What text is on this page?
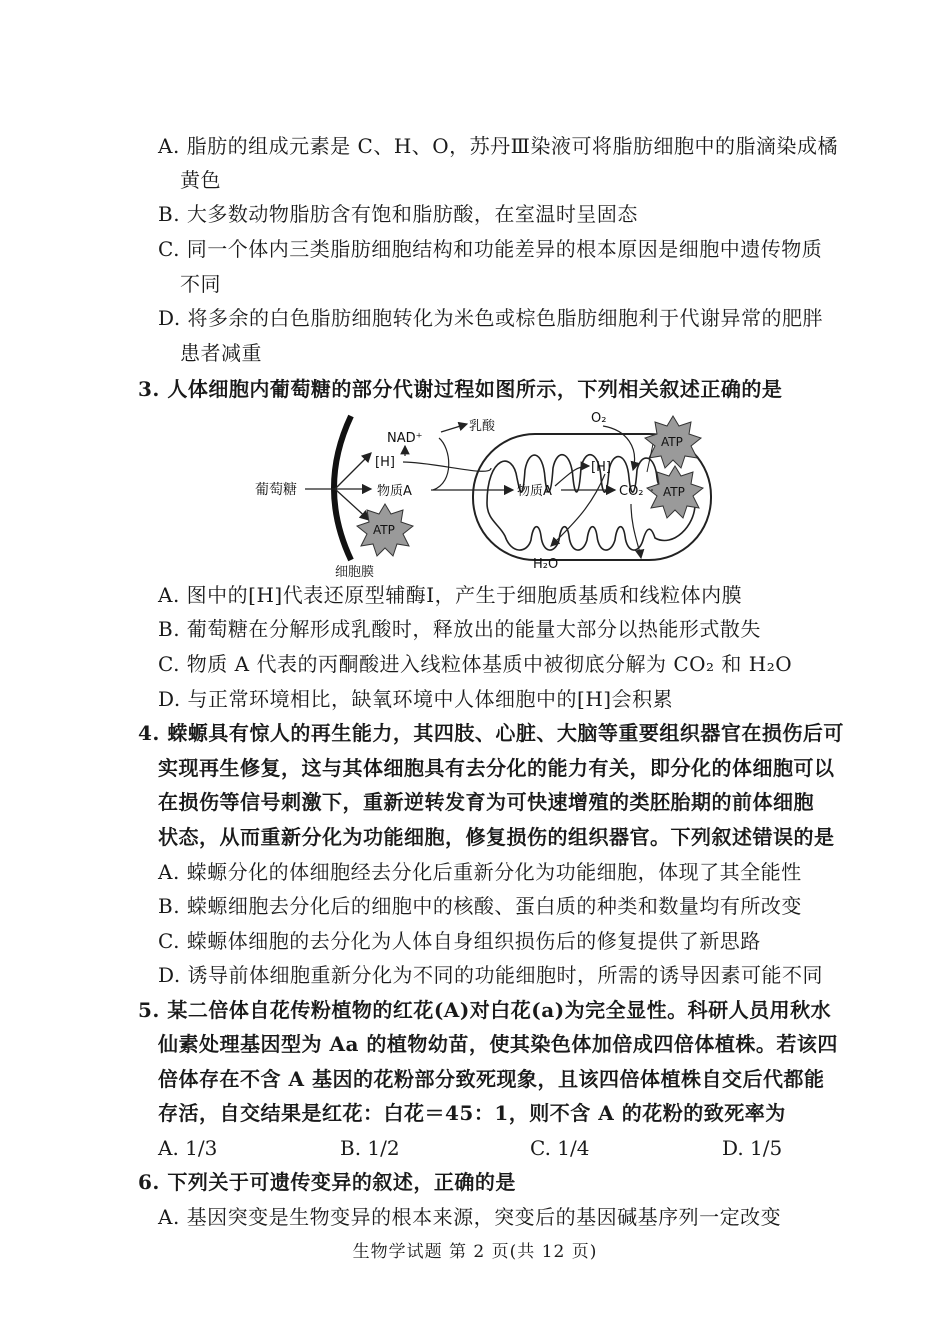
A. 脂肪的组成元素是 C、H、O，苏丹Ⅲ染液可将脂肪细胞中的脂滴染成橘
黄色
B. 大多数动物脂肪含有饱和脂肪酸，在室温时呈固态
C. 同一个体内三类脂肪细胞结构和功能差异的根本原因是细胞中遗传物质
不同
D. 将多余的白色脂肪细胞转化为米色或棕色脂肪细胞利于代谢异常的肥胖
患者减重
3. 人体细胞内葡萄糖的部分代谢过程如图所示，下列相关叙述正确的是
葡萄糖
NAD⁺
[H]
物质A
乳酸
物质A	CO₂
[H]
O₂
H₂O
ATP
ATP
ATP
细胞膜
A. 图中的[H]代表还原型辅酶Ⅰ，产生于细胞质基质和线粒体内膜
B. 葡萄糖在分解形成乳酸时，释放出的能量大部分以热能形式散失
C. 物质 A 代表的丙酮酸进入线粒体基质中被彻底分解为 CO₂ 和 H₂O
D. 与正常环境相比，缺氧环境中人体细胞中的[H]会积累
4. 蝾螈具有惊人的再生能力，其四肢、心脏、大脑等重要组织器官在损伤后可
实现再生修复，这与其体细胞具有去分化的能力有关，即分化的体细胞可以
在损伤等信号刺激下，重新逆转发育为可快速增殖的类胚胎期的前体细胞
状态，从而重新分化为功能细胞，修复损伤的组织器官。下列叙述错误的是
A. 蝾螈分化的体细胞经去分化后重新分化为功能细胞，体现了其全能性
B. 蝾螈细胞去分化后的细胞中的核酸、蛋白质的种类和数量均有所改变
C. 蝾螈体细胞的去分化为人体自身组织损伤后的修复提供了新思路
D. 诱导前体细胞重新分化为不同的功能细胞时，所需的诱导因素可能不同
5. 某二倍体自花传粉植物的红花(A)对白花(a)为完全显性。科研人员用秋水
仙素处理基因型为 Aa 的植物幼苗，使其染色体加倍成四倍体植株。若该四
倍体存在不含 A 基因的花粉部分致死现象，且该四倍体植株自交后代都能
存活，自交结果是红花：白花＝45：1，则不含 A 的花粉的致死率为
A. 1/3	B. 1/2	C. 1/4	D. 1/5
6. 下列关于可遗传变异的叙述，正确的是
A. 基因突变是生物变异的根本来源，突变后的基因碱基序列一定改变
生物学试题 第 2 页(共 12 页)
